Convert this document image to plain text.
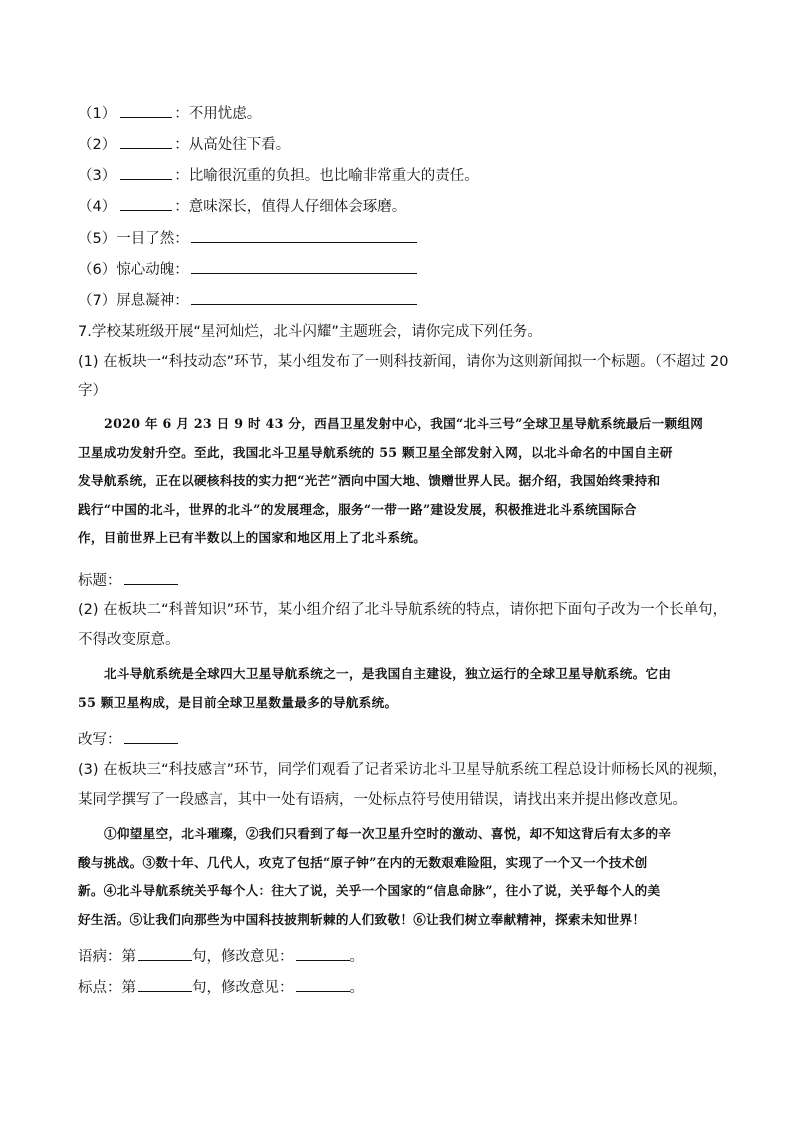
（1）	：不用忧虑。
（2）	：从高处往下看。
（3）	：比喻很沉重的负担。也比喻非常重大的责任。
（4）	：意味深长，值得人仔细体会琢磨。
（5）一目了然：
（6）惊心动魄：
（7）屏息凝神：
7.学校某班级开展“星河灿烂，北斗闪耀”主题班会，请你完成下列任务。
(1) 在板块一“科技动态”环节，某小组发布了一则科技新闻，请你为这则新闻拟一个标题。（不超过 20
字）

2020 年 6 月 23 日 9 时 43 分，西昌卫星发射中心，我国“北斗三号”全球卫星导航系统最后一颗组网

卫星成功发射升空。至此，我国北斗卫星导航系统的 55 颗卫星全部发射入网，以北斗命名的中国自主研

发导航系统，正在以硬核科技的实力把“光芒”洒向中国大地、馈赠世界人民。据介绍，我国始终秉持和

践行“中国的北斗，世界的北斗”的发展理念，服务“一带一路”建设发展，积极推进北斗系统国际合

作，目前世界上已有半数以上的国家和地区用上了北斗系统。

标题：
(2) 在板块二“科普知识”环节，某小组介绍了北斗导航系统的特点，请你把下面句子改为一个长单句，
不得改变原意。

北斗导航系统是全球四大卫星导航系统之一，是我国自主建设，独立运行的全球卫星导航系统。它由

55 颗卫星构成，是目前全球卫星数量最多的导航系统。

改写：
(3) 在板块三“科技感言”环节，同学们观看了记者采访北斗卫星导航系统工程总设计师杨长风的视频，
某同学撰写了一段感言，其中一处有语病，一处标点符号使用错误，请找出来并提出修改意见。

①仰望星空，北斗璀璨，②我们只看到了每一次卫星升空时的激动、喜悦，却不知这背后有太多的辛

酸与挑战。③数十年、几代人，攻克了包括“原子钟”在内的无数艰难险阻，实现了一个又一个技术创

新。④北斗导航系统关乎每个人：往大了说，关乎一个国家的“信息命脉”，往小了说，关乎每个人的美

好生活。⑤让我们向那些为中国科技披荆斩棘的人们致敬！⑥让我们树立奉献精神，探索未知世界！

语病：第	句，修改意见：	。
标点：第	句，修改意见：	。
